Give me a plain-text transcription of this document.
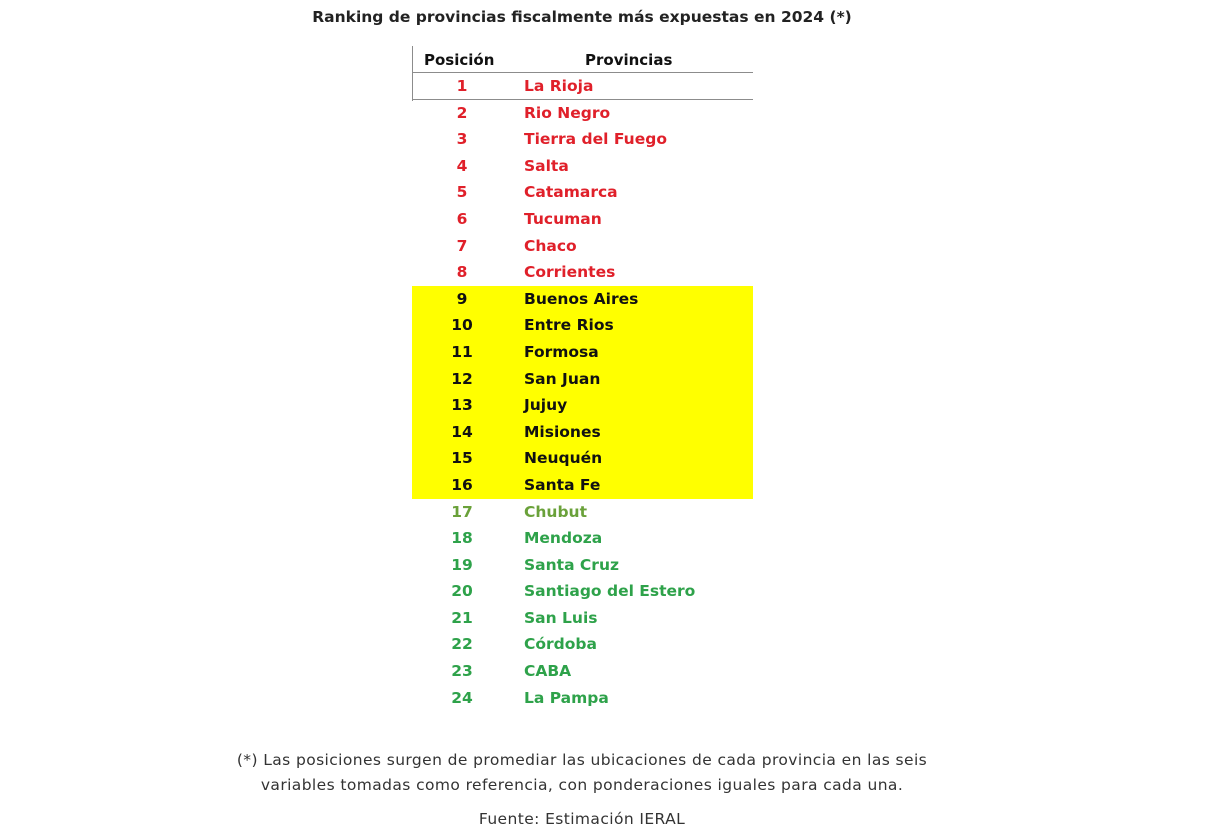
Ranking de provincias fiscalmente más expuestas en 2024 (*)
Posición	Provincias
1	La Rioja
2	Rio Negro
3	Tierra del Fuego
4	Salta
5	Catamarca
6	Tucuman
7	Chaco
8	Corrientes
9	Buenos Aires
10	Entre Rios
11	Formosa
12	San Juan
13	Jujuy
14	Misiones
15	Neuquén
16	Santa Fe
17	Chubut
18	Mendoza
19	Santa Cruz
20	Santiago del Estero
21	San Luis
22	Córdoba
23	CABA
24	La Pampa
(*) Las posiciones surgen de promediar las ubicaciones de cada provincia en las seis
variables tomadas como referencia, con ponderaciones iguales para cada una.
Fuente: Estimación IERAL
